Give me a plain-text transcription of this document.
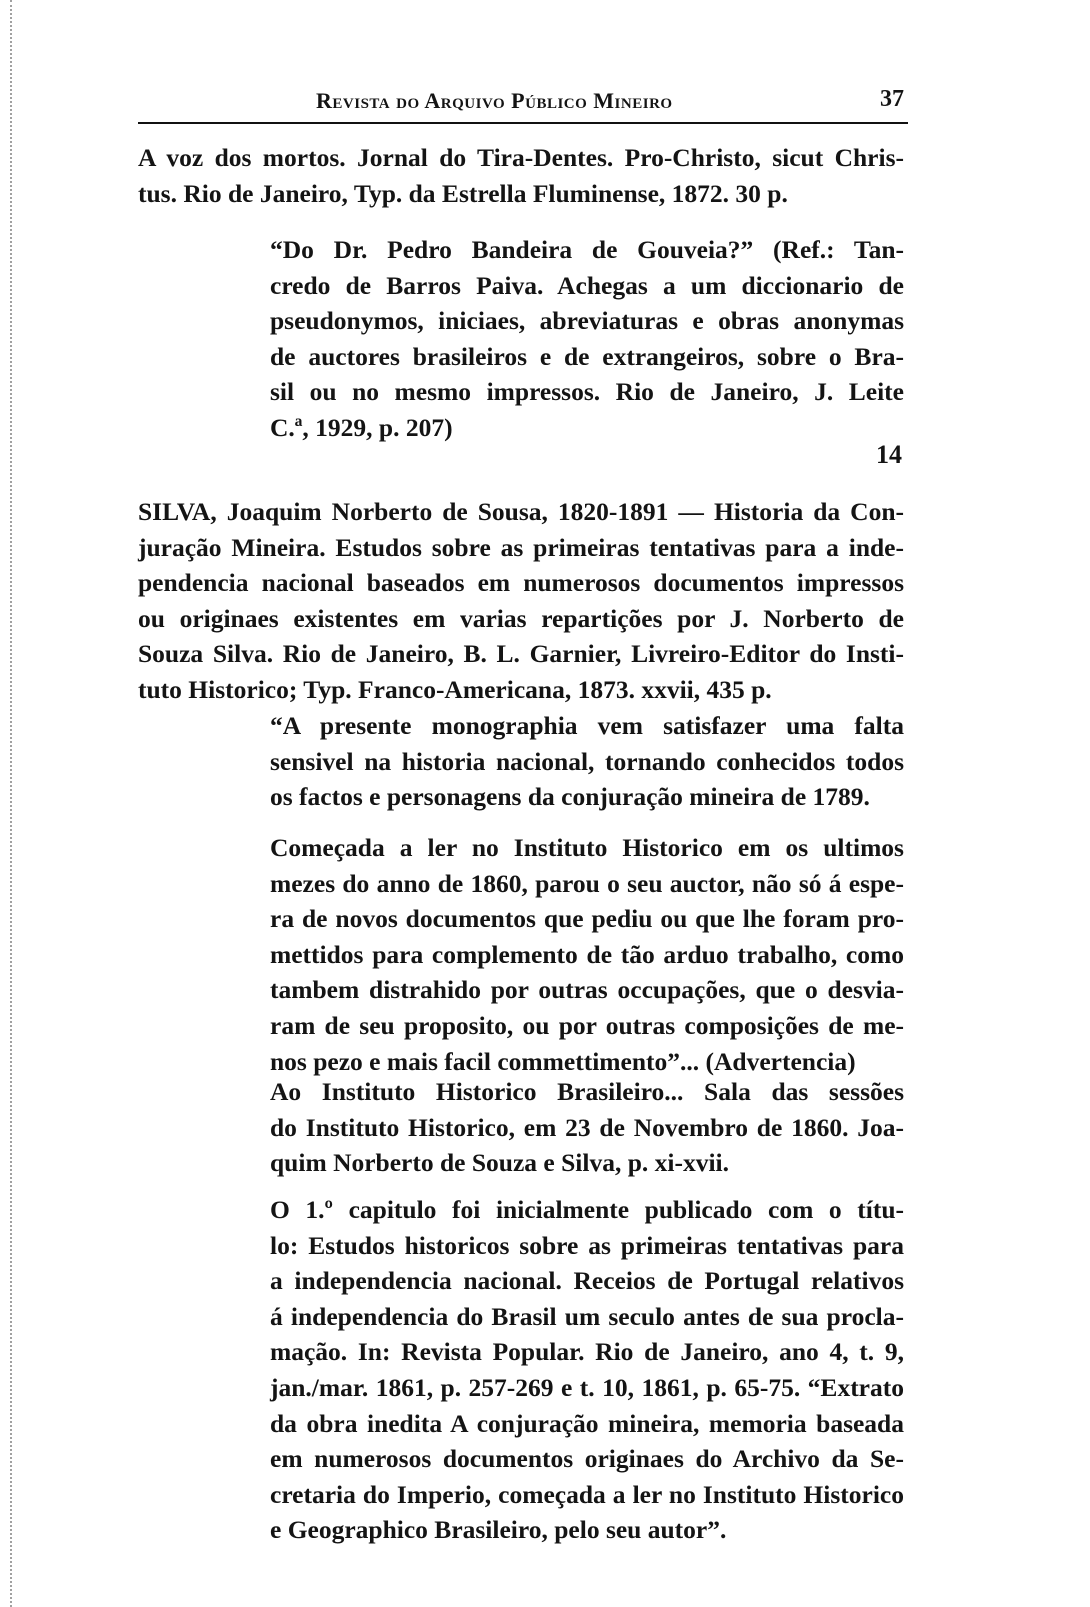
Revista do Arquivo Público Mineiro	37
A voz dos mortos. Jornal do Tira-Dentes. Pro-Christo, sicut Chris-
tus. Rio de Janeiro, Typ. da Estrella Fluminense, 1872. 30 p.
“Do Dr. Pedro Bandeira de Gouveia?” (Ref.: Tan-
credo de Barros Paiva. Achegas a um diccionario de
pseudonymos, iniciaes, abreviaturas e obras anonymas
de auctores brasileiros e de extrangeiros, sobre o Bra-
sil ou no mesmo impressos. Rio de Janeiro, J. Leite
C.ª, 1929, p. 207)
14
SILVA, Joaquim Norberto de Sousa, 1820-1891 — Historia da Con-
juração Mineira. Estudos sobre as primeiras tentativas para a inde-
pendencia nacional baseados em numerosos documentos impressos
ou originaes existentes em varias repartições por J. Norberto de
Souza Silva. Rio de Janeiro, B. L. Garnier, Livreiro-Editor do Insti-
tuto Historico; Typ. Franco-Americana, 1873. xxvii, 435 p.
“A presente monographia vem satisfazer uma falta
sensivel na historia nacional, tornando conhecidos todos
os factos e personagens da conjuração mineira de 1789.
Começada a ler no Instituto Historico em os ultimos
mezes do anno de 1860, parou o seu auctor, não só á espe-
ra de novos documentos que pediu ou que lhe foram pro-
mettidos para complemento de tão arduo trabalho, como
tambem distrahido por outras occupações, que o desvia-
ram de seu proposito, ou por outras composições de me-
nos pezo e mais facil commettimento”... (Advertencia)
Ao Instituto Historico Brasileiro... Sala das sessões
do Instituto Historico, em 23 de Novembro de 1860. Joa-
quim Norberto de Souza e Silva, p. xi-xvii.
O 1.º capitulo foi inicialmente publicado com o títu-
lo: Estudos historicos sobre as primeiras tentativas para
a independencia nacional. Receios de Portugal relativos
á independencia do Brasil um seculo antes de sua procla-
mação. In: Revista Popular. Rio de Janeiro, ano 4, t. 9,
jan./mar. 1861, p. 257-269 e t. 10, 1861, p. 65-75. “Extrato
da obra inedita A conjuração mineira, memoria baseada
em numerosos documentos originaes do Archivo da Se-
cretaria do Imperio, começada a ler no Instituto Historico
e Geographico Brasileiro, pelo seu autor”.
